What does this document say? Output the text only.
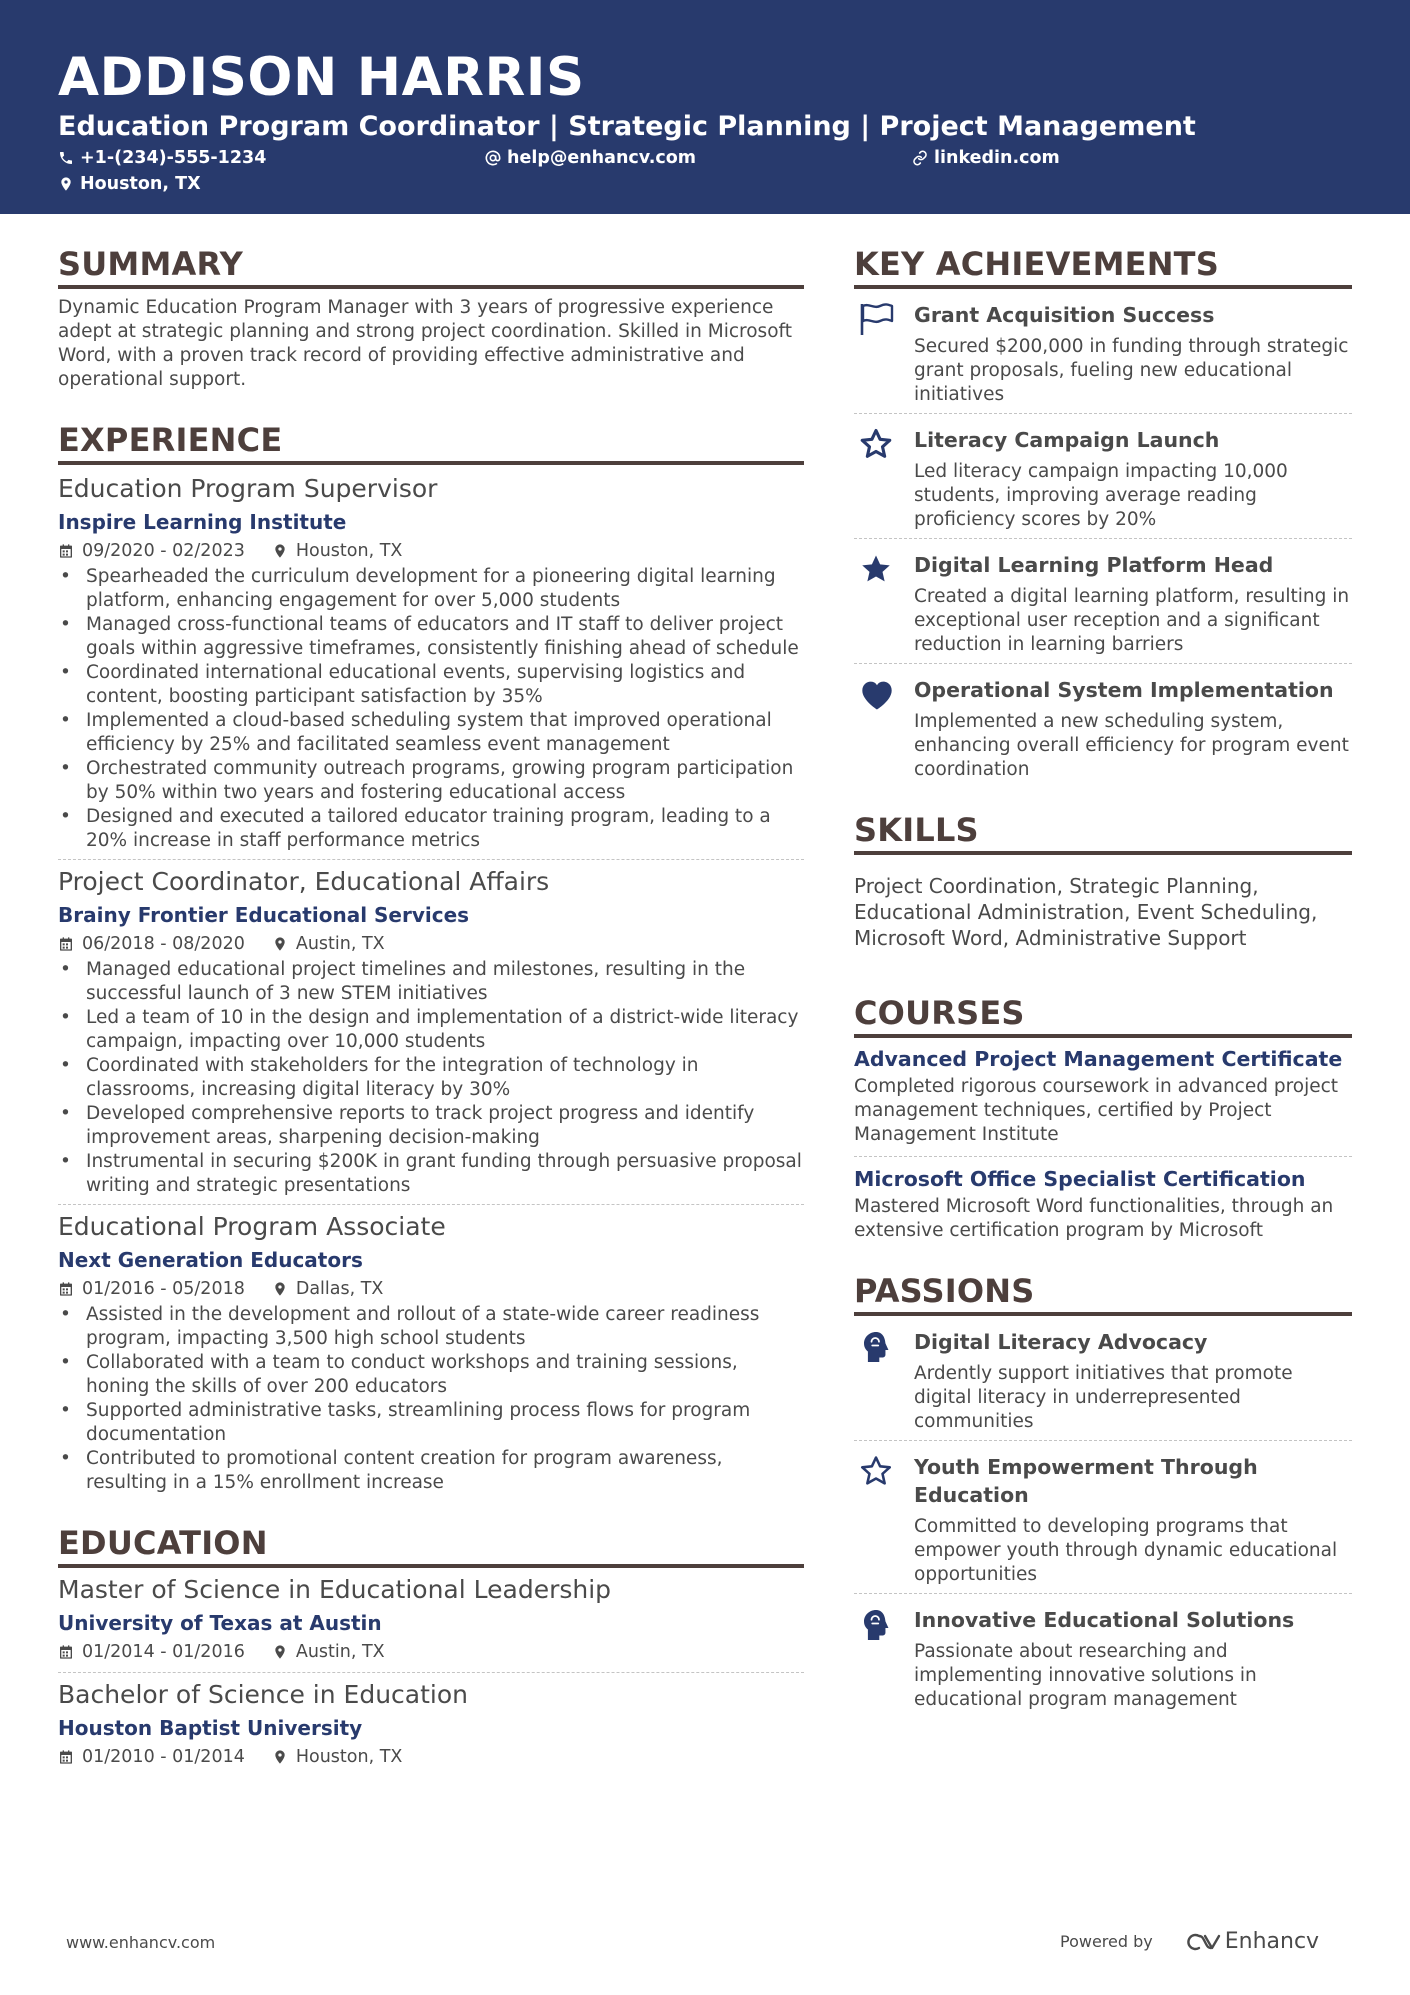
ADDISON HARRIS
Education Program Coordinator | Strategic Planning | Project Management
+1-(234)-555-1234	help@enhancv.com	linkedin.com
Houston, TX
SUMMARY
Dynamic Education Program Manager with 3 years of progressive experience adept at strategic planning and strong project coordination. Skilled in Microsoft Word, with a proven track record of providing effective administrative and operational support.
EXPERIENCE
Education Program Supervisor
Inspire Learning Institute
09/2020 - 02/2023	Houston, TX
• Spearheaded the curriculum development for a pioneering digital learning platform, enhancing engagement for over 5,000 students
• Managed cross-functional teams of educators and IT staff to deliver project goals within aggressive timeframes, consistently finishing ahead of schedule
• Coordinated international educational events, supervising logistics and content, boosting participant satisfaction by 35%
• Implemented a cloud-based scheduling system that improved operational efficiency by 25% and facilitated seamless event management
• Orchestrated community outreach programs, growing program participation by 50% within two years and fostering educational access
• Designed and executed a tailored educator training program, leading to a 20% increase in staff performance metrics
Project Coordinator, Educational Affairs
Brainy Frontier Educational Services
06/2018 - 08/2020	Austin, TX
• Managed educational project timelines and milestones, resulting in the successful launch of 3 new STEM initiatives
• Led a team of 10 in the design and implementation of a district-wide literacy campaign, impacting over 10,000 students
• Coordinated with stakeholders for the integration of technology in classrooms, increasing digital literacy by 30%
• Developed comprehensive reports to track project progress and identify improvement areas, sharpening decision-making
• Instrumental in securing $200K in grant funding through persuasive proposal writing and strategic presentations
Educational Program Associate
Next Generation Educators
01/2016 - 05/2018	Dallas, TX
• Assisted in the development and rollout of a state-wide career readiness program, impacting 3,500 high school students
• Collaborated with a team to conduct workshops and training sessions, honing the skills of over 200 educators
• Supported administrative tasks, streamlining process flows for program documentation
• Contributed to promotional content creation for program awareness, resulting in a 15% enrollment increase
EDUCATION
Master of Science in Educational Leadership
University of Texas at Austin
01/2014 - 01/2016	Austin, TX
Bachelor of Science in Education
Houston Baptist University
01/2010 - 01/2014	Houston, TX
KEY ACHIEVEMENTS
Grant Acquisition Success
Secured $200,000 in funding through strategic grant proposals, fueling new educational initiatives
Literacy Campaign Launch
Led literacy campaign impacting 10,000 students, improving average reading proficiency scores by 20%
Digital Learning Platform Head
Created a digital learning platform, resulting in exceptional user reception and a significant reduction in learning barriers
Operational System Implementation
Implemented a new scheduling system, enhancing overall efficiency for program event coordination
SKILLS
Project Coordination, Strategic Planning, Educational Administration, Event Scheduling, Microsoft Word, Administrative Support
COURSES
Advanced Project Management Certificate
Completed rigorous coursework in advanced project management techniques, certified by Project Management Institute
Microsoft Office Specialist Certification
Mastered Microsoft Word functionalities, through an extensive certification program by Microsoft
PASSIONS
Digital Literacy Advocacy
Ardently support initiatives that promote digital literacy in underrepresented communities
Youth Empowerment Through Education
Committed to developing programs that empower youth through dynamic educational opportunities
Innovative Educational Solutions
Passionate about researching and implementing innovative solutions in educational program management
www.enhancv.com	Powered by	Enhancv
